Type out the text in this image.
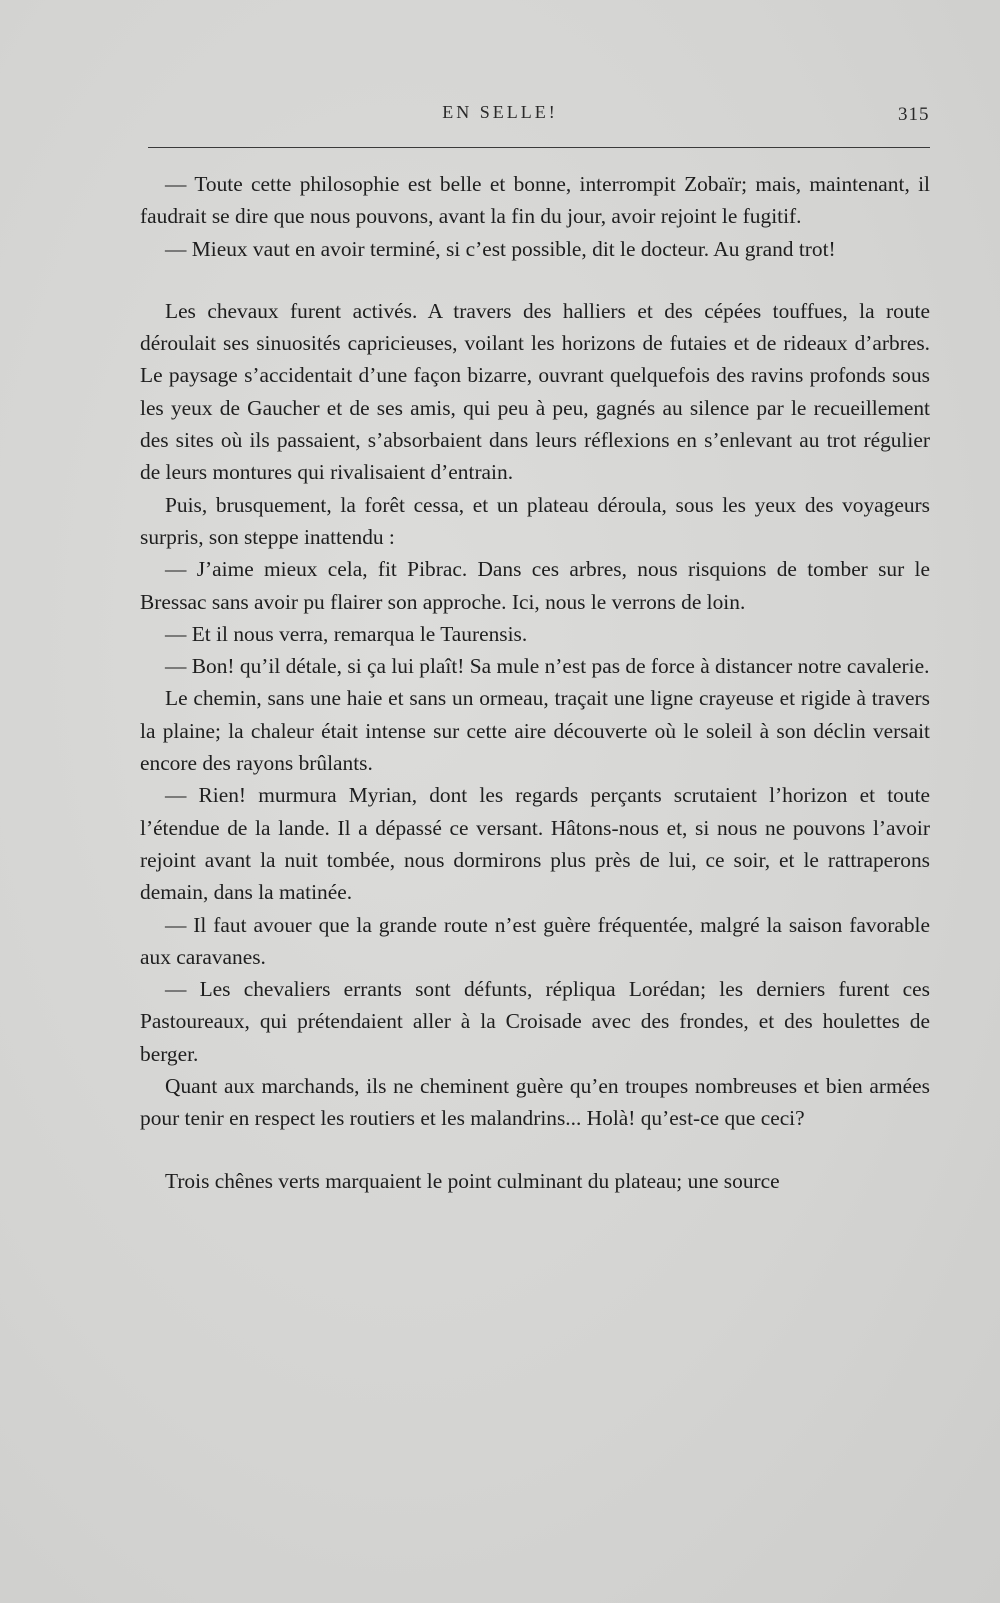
EN SELLE!	315

— Toute cette philosophie est belle et bonne, interrompit Zobaïr; mais, maintenant, il faudrait se dire que nous pouvons, avant la fin du jour, avoir rejoint le fugitif.

— Mieux vaut en avoir terminé, si c’est possible, dit le docteur. Au grand trot!

Les chevaux furent activés. A travers des halliers et des cépées touffues, la route déroulait ses sinuosités capricieuses, voilant les horizons de futaies et de rideaux d’arbres. Le paysage s’accidentait d’une façon bizarre, ouvrant quelquefois des ravins profonds sous les yeux de Gaucher et de ses amis, qui peu à peu, gagnés au silence par le recueillement des sites où ils passaient, s’absorbaient dans leurs réflexions en s’enlevant au trot régulier de leurs montures qui rivalisaient d’entrain.

Puis, brusquement, la forêt cessa, et un plateau déroula, sous les yeux des voyageurs surpris, son steppe inattendu :

— J’aime mieux cela, fit Pibrac. Dans ces arbres, nous risquions de tomber sur le Bressac sans avoir pu flairer son approche. Ici, nous le verrons de loin.

— Et il nous verra, remarqua le Taurensis.

— Bon! qu’il détale, si ça lui plaît! Sa mule n’est pas de force à distancer notre cavalerie.

Le chemin, sans une haie et sans un ormeau, traçait une ligne crayeuse et rigide à travers la plaine; la chaleur était intense sur cette aire découverte où le soleil à son déclin versait encore des rayons brûlants.

— Rien! murmura Myrian, dont les regards perçants scrutaient l’horizon et toute l’étendue de la lande. Il a dépassé ce versant. Hâtons-nous et, si nous ne pouvons l’avoir rejoint avant la nuit tombée, nous dormirons plus près de lui, ce soir, et le rattraperons demain, dans la matinée.

— Il faut avouer que la grande route n’est guère fréquentée, malgré la saison favorable aux caravanes.

— Les chevaliers errants sont défunts, répliqua Lorédan; les derniers furent ces Pastoureaux, qui prétendaient aller à la Croisade avec des frondes, et des houlettes de berger.

Quant aux marchands, ils ne cheminent guère qu’en troupes nombreuses et bien armées pour tenir en respect les routiers et les malandrins... Holà! qu’est-ce que ceci?

Trois chênes verts marquaient le point culminant du plateau; une source
